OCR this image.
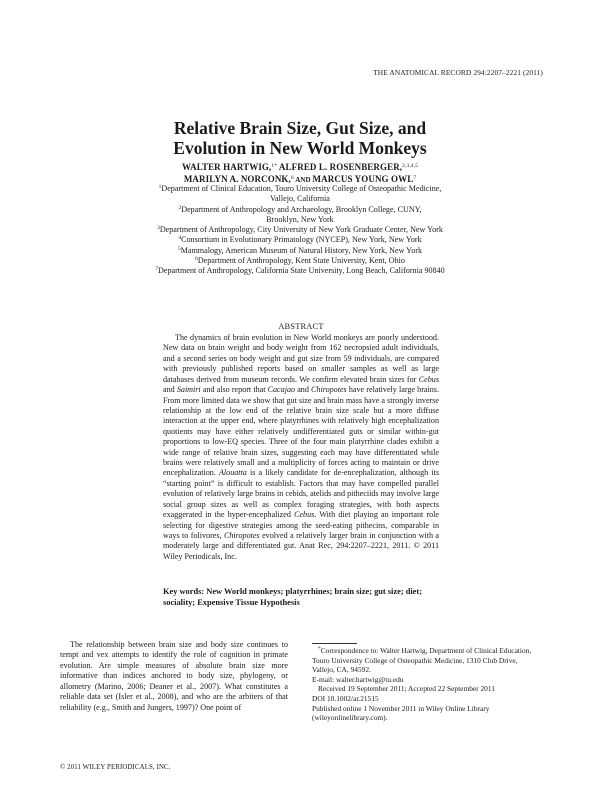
THE ANATOMICAL RECORD 294:2207–2221 (2011)
Relative Brain Size, Gut Size, and
Evolution in New World Monkeys
WALTER HARTWIG,$^{1*}$ ALFRED L. ROSENBERGER,$^{2,3,4,5}$
MARILYN A. NORCONK,$^6$ AND MARCUS YOUNG OWL$^7$
$^1$Department of Clinical Education, Touro University College of Osteopathic Medicine,
Vallejo, California
$^2$Department of Anthropology and Archaeology, Brooklyn College, CUNY,
Brooklyn, New York
$^3$Department of Anthropology, City University of New York Graduate Center, New York
$^4$Consortium in Evolutionary Primatology (NYCEP), New York, New York
$^5$Mammalogy, American Museum of Natural History, New York, New York
$^6$Department of Anthropology, Kent State University, Kent, Ohio
$^7$Department of Anthropology, California State University, Long Beach, California 90840
ABSTRACT

The dynamics of brain evolution in New World monkeys are poorly understood. New data on brain weight and body weight from 162 necropsied adult individuals, and a second series on body weight and gut size from 59 individuals, are compared with previously published reports based on smaller samples as well as large databases derived from museum records. We confirm elevated brain sizes for Cebus and Saimiri and also report that Cacajao and Chiropotes have relatively large brains. From more limited data we show that gut size and brain mass have a strongly inverse relationship at the low end of the relative brain size scale but a more diffuse interaction at the upper end, where platyrrhines with relatively high encephalization quotients may have either relatively undifferentiated guts or similar within-gut proportions to low-EQ species. Three of the four main platyrrhine clades exhibit a wide range of relative brain sizes, suggesting each may have differentiated while brains were relatively small and a multiplicity of forces acting to maintain or drive encephalization. Alouatta is a likely candidate for de-encephalization, although its “starting point” is difficult to establish. Factors that may have compelled parallel evolution of relatively large brains in cebids, atelids and pitheciids may involve large social group sizes as well as complex foraging strategies, with both aspects exaggerated in the hyper-encephalized Cebus. With diet playing an important role selecting for digestive strategies among the seed-eating pithecins, comparable in ways to folivores, Chiropotes evolved a relatively larger brain in conjunction with a moderately large and differentiated gut. Anat Rec, 294:2207–2221, 2011. © 2011 Wiley Periodicals, Inc.

Key words: New World monkeys; platyrrhines; brain size; gut size; diet; sociality; Expensive Tissue Hypothesis

The relationship between brain size and body size continues to tempt and vex attempts to identify the role of cognition in primate evolution. Are simple measures of absolute brain size more informative than indices anchored to body size, phylogeny, or allometry (Marino, 2006; Deaner et al., 2007). What constitutes a reliable data set (Isler et al., 2008), and who are the arbiters of that reliability (e.g., Smith and Jungers, 1997)? One point of

*Correspondence to: Walter Hartwig, Department of Clinical Education, Touro University College of Osteopathic Medicine, 1310 Club Drive, Vallejo, CA, 94592.

E-mail: walter.hartwig@tu.edu

Received 19 September 2011; Accepted 22 September 2011

DOI 10.1002/ar.21515

Published online 1 November 2011 in Wiley Online Library (wileyonlinelibrary.com).

© 2011 WILEY PERIODICALS, INC.
